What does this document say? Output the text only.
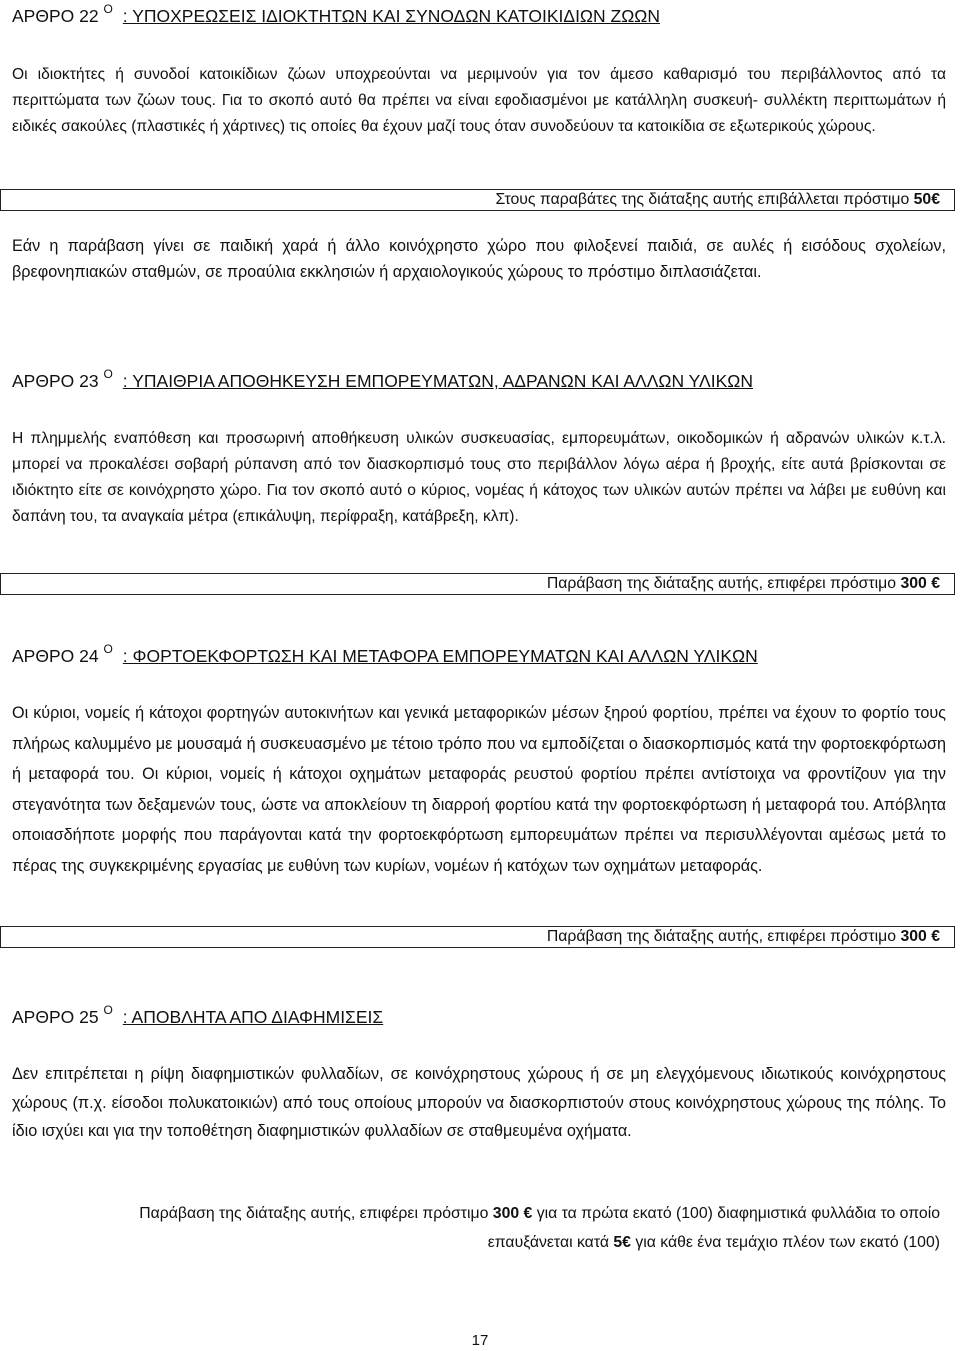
ΑΡΘΡΟ 22 $^O$ : ΥΠΟΧΡΕΩΣΕΙΣ ΙΔΙΟΚΤΗΤΩΝ ΚΑΙ ΣΥΝΟΔΩΝ ΚΑΤΟΙΚΙΔΙΩΝ ΖΩΩΝ
Οι ιδιοκτήτες ή συνοδοί κατοικίδιων ζώων υποχρεούνται να μεριμνούν για τον άμεσο καθαρισμό του περιβάλλοντος από τα περιττώματα των ζώων τους. Για το σκοπό αυτό θα πρέπει να είναι εφοδιασμένοι με κατάλληλη συσκευή- συλλέκτη περιττωμάτων ή ειδικές σακούλες (πλαστικές ή χάρτινες) τις οποίες θα έχουν μαζί τους όταν συνοδεύουν τα κατοικίδια σε εξωτερικούς χώρους.
Στους παραβάτες της διάταξης αυτής επιβάλλεται πρόστιμο 50€
Εάν η παράβαση γίνει σε παιδική χαρά ή άλλο κοινόχρηστο χώρο που φιλοξενεί παιδιά, σε αυλές ή εισόδους σχολείων, βρεφονηπιακών σταθμών, σε προαύλια εκκλησιών ή αρχαιολογικούς χώρους το πρόστιμο διπλασιάζεται.
ΑΡΘΡΟ 23 $^O$ : ΥΠΑΙΘΡΙΑ ΑΠΟΘΗΚΕΥΣΗ ΕΜΠΟΡΕΥΜΑΤΩΝ, ΑΔΡΑΝΩΝ ΚΑΙ ΑΛΛΩΝ ΥΛΙΚΩΝ
Η πλημμελής εναπόθεση και προσωρινή αποθήκευση υλικών συσκευασίας, εμπορευμάτων, οικοδομικών ή αδρανών υλικών κ.τ.λ. μπορεί να προκαλέσει σοβαρή ρύπανση από τον διασκορπισμό τους στο περιβάλλον λόγω αέρα ή βροχής, είτε αυτά βρίσκονται σε ιδιόκτητο είτε σε κοινόχρηστο χώρο. Για τον σκοπό αυτό ο κύριος, νομέας ή κάτοχος των υλικών αυτών πρέπει να λάβει με ευθύνη και δαπάνη του, τα αναγκαία μέτρα (επικάλυψη, περίφραξη, κατάβρεξη, κλπ).
Παράβαση της διάταξης αυτής, επιφέρει πρόστιμο 300 €
ΑΡΘΡΟ 24 $^O$ : ΦΟΡΤΟΕΚΦΟΡΤΩΣΗ ΚΑΙ ΜΕΤΑΦΟΡΑ ΕΜΠΟΡΕΥΜΑΤΩΝ ΚΑΙ ΑΛΛΩΝ ΥΛΙΚΩΝ
Οι κύριοι, νομείς ή κάτοχοι φορτηγών αυτοκινήτων και γενικά μεταφορικών μέσων ξηρού φορτίου, πρέπει να έχουν το φορτίο τους πλήρως καλυμμένο με μουσαμά ή συσκευασμένο με τέτοιο τρόπο που να εμποδίζεται ο διασκορπισμός κατά την φορτοεκφόρτωση ή μεταφορά του. Οι κύριοι, νομείς ή κάτοχοι οχημάτων μεταφοράς ρευστού φορτίου πρέπει αντίστοιχα να φροντίζουν για την στεγανότητα των δεξαμενών τους, ώστε να αποκλείουν τη διαρροή φορτίου κατά την φορτοεκφόρτωση ή μεταφορά του. Απόβλητα οποιασδήποτε μορφής που παράγονται κατά την φορτοεκφόρτωση εμπορευμάτων πρέπει να περισυλλέγονται αμέσως μετά το πέρας της συγκεκριμένης εργασίας με ευθύνη των κυρίων, νομέων ή κατόχων των οχημάτων μεταφοράς.
Παράβαση της διάταξης αυτής, επιφέρει πρόστιμο 300 €
ΑΡΘΡΟ 25 $^O$ : ΑΠΟΒΛΗΤΑ ΑΠΟ ΔΙΑΦΗΜΙΣΕΙΣ
Δεν επιτρέπεται η ρίψη διαφημιστικών φυλλαδίων, σε κοινόχρηστους χώρους ή σε μη ελεγχόμενους ιδιωτικούς κοινόχρηστους χώρους (π.χ. είσοδοι πολυκατοικιών) από τους οποίους μπορούν να διασκορπιστούν στους κοινόχρηστους χώρους της πόλης. Το ίδιο ισχύει και για την τοποθέτηση διαφημιστικών φυλλαδίων σε σταθμευμένα οχήματα.
Παράβαση της διάταξης αυτής, επιφέρει πρόστιμο 300 € για τα πρώτα εκατό (100) διαφημιστικά φυλλάδια το οποίο επαυξάνεται κατά 5€ για κάθε ένα τεμάχιο πλέον των εκατό (100)
17
